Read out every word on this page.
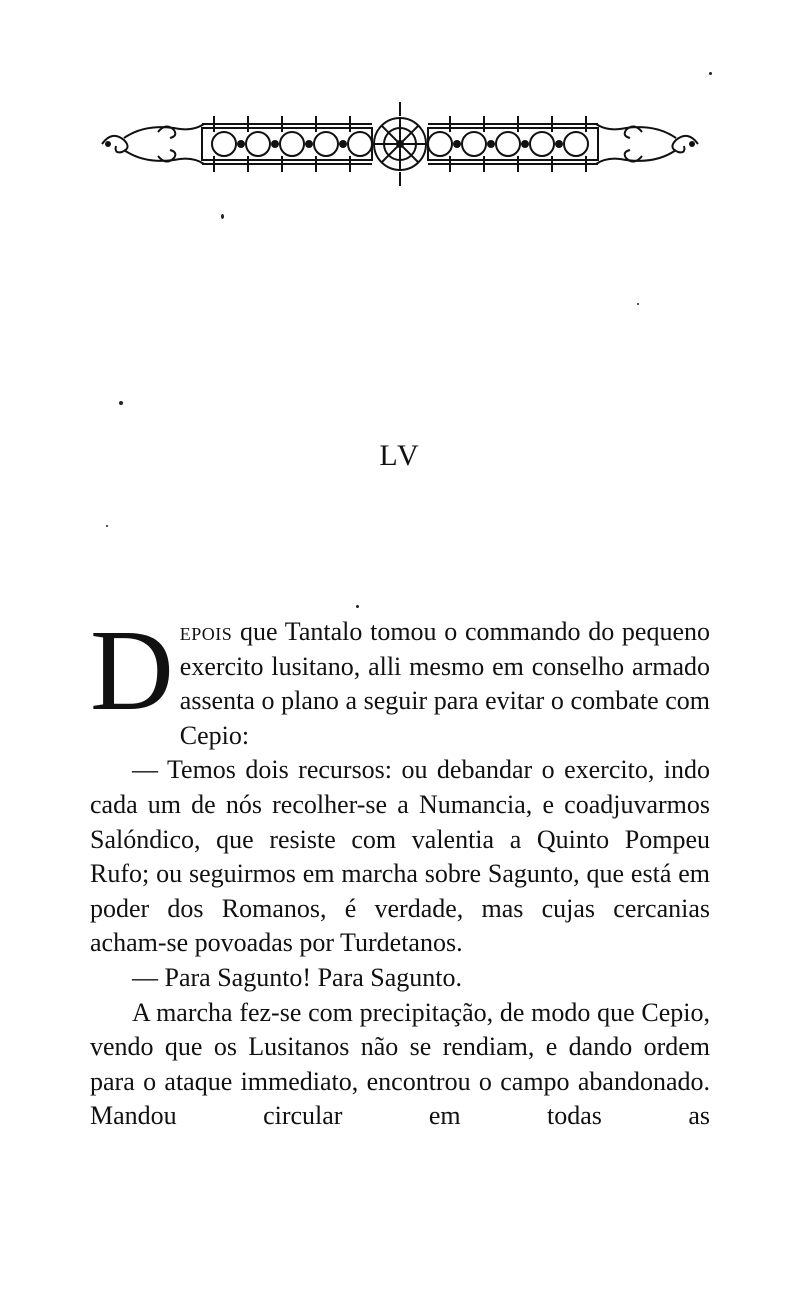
LV

Depois que Tantalo tomou o commando do pequeno exercito lusitano, alli mesmo em conselho armado assenta o plano a seguir para evitar o combate com Cepio:

— Temos dois recursos: ou debandar o exercito, indo cada um de nós recolher-se a Numancia, e coadjuvarmos Salóndico, que resiste com valentia a Quinto Pompeu Rufo; ou seguirmos em marcha sobre Sagunto, que está em poder dos Romanos, é verdade, mas cujas cercanias acham-se povoadas por Turdetanos.

— Para Sagunto! Para Sagunto.

A marcha fez-se com precipitação, de modo que Cepio, vendo que os Lusitanos não se rendiam, e dando ordem para o ataque immediato, encontrou o campo abandonado. Mandou circular em todas as
